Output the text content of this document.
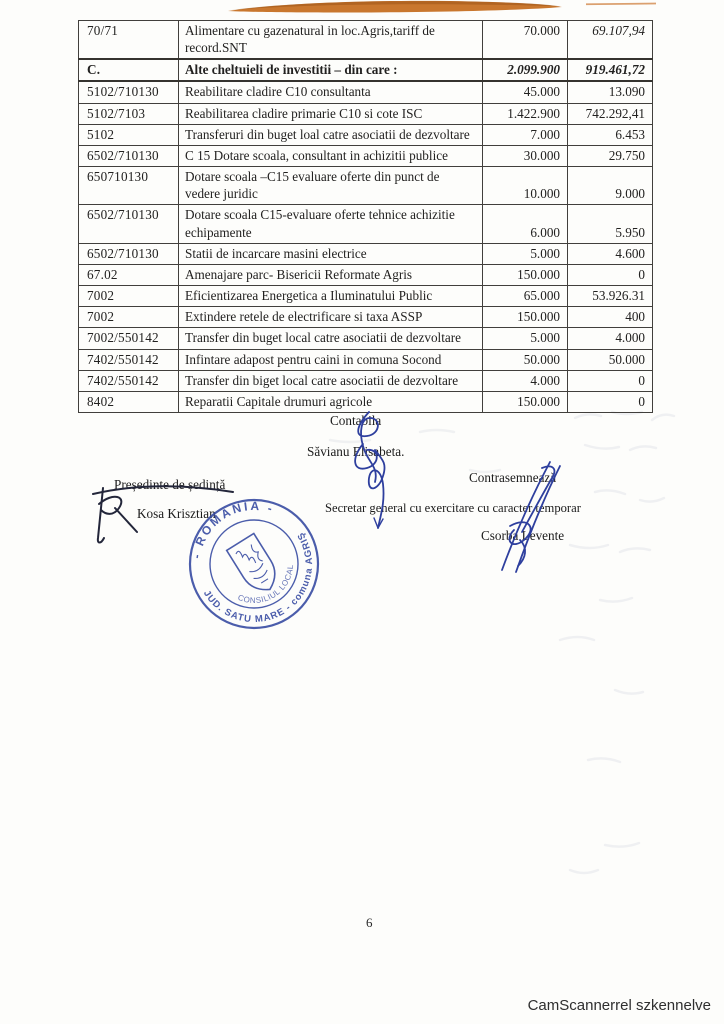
70/71	Alimentare cu gazenatural in loc.Agris,tariff de record.SNT	70.000	69.107,94
C.	Alte cheltuieli de investitii – din care :	2.099.900	919.461,72
5102/710130	Reabilitare cladire C10 consultanta	45.000	13.090
5102/7103	Reabilitarea cladire primarie C10 si cote ISC	1.422.900	742.292,41
5102	Transferuri din buget loal catre asociatii de dezvoltare	7.000	6.453
6502/710130	C 15 Dotare scoala, consultant in achizitii publice	30.000	29.750
650710130	Dotare scoala –C15 evaluare oferte din punct de vedere juridic	10.000	9.000
6502/710130	Dotare scoala C15-evaluare oferte tehnice achizitie echipamente	6.000	5.950
6502/710130	Statii de incarcare masini electrice	5.000	4.600
67.02	Amenajare parc- Bisericii Reformate Agris	150.000	0
7002	Eficientizarea Energetica a Iluminatului Public	65.000	53.926.31
7002	Extindere retele de electrificare si taxa ASSP	150.000	400
7002/550142	Transfer din buget local catre asociatii de dezvoltare	5.000	4.000
7402/550142	Infintare adapost pentru caini in comuna Socond	50.000	50.000
7402/550142	Transfer din biget local catre asociatii de dezvoltare	4.000	0
8402	Reparatii Capitale drumuri agricole	150.000	0
Contabila
Săvianu Elisabeta.
Președinte de ședință
Kosa Krisztian
Contrasemnează
Secretar general cu exercitare cu caracter temporar
Csorba Levente
- ROMÂNIA -
JUD. SATU MARE - comuna AGRIŞ
CONSILIUL LOCAL
6
CamScannerrel szkennelve
